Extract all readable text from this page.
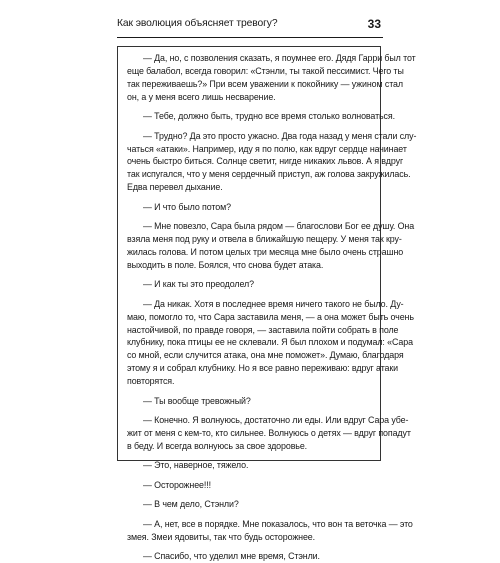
Как эволюция объясняет тревогу?	33
— Да, но, с позволения сказать, я поумнее его. Дядя Гарри был тот
еще балабол, всегда говорил: «Стэнли, ты такой пессимист. Чего ты
так переживаешь?» При всем уважении к покойнику — ужином стал
он, а у меня всего лишь несварение.
— Тебе, должно быть, трудно все время столько волноваться.
— Трудно? Да это просто ужасно. Два года назад у меня стали слу-
чаться «атаки». Например, иду я по полю, как вдруг сердце начинает
очень быстро биться. Солнце светит, нигде никаких львов. А я вдруг
так испугался, что у меня сердечный приступ, аж голова закружилась.
Едва перевел дыхание.
— И что было потом?
— Мне повезло, Сара была рядом — благослови Бог ее душу. Она
взяла меня под руку и отвела в ближайшую пещеру. У меня так кру-
жилась голова. И потом целых три месяца мне было очень страшно
выходить в поле. Боялся, что снова будет атака.
— И как ты это преодолел?
— Да никак. Хотя в последнее время ничего такого не было. Ду-
маю, помогло то, что Сара заставила меня, — а она может быть очень
настойчивой, по правде говоря, — заставила пойти собрать в поле
клубнику, пока птицы ее не склевали. Я был плохом и подумал: «Сара
со мной, если случится атака, она мне поможет». Думаю, благодаря
этому я и собрал клубнику. Но я все равно переживаю: вдруг атаки
повторятся.
— Ты вообще тревожный?
— Конечно. Я волнуюсь, достаточно ли еды. Или вдруг Сара убе-
жит от меня с кем-то, кто сильнее. Волнуюсь о детях — вдруг попадут
в беду. И всегда волнуюсь за свое здоровье.
— Это, наверное, тяжело.
— Осторожнее!!!
— В чем дело, Стэнли?
— А, нет, все в порядке. Мне показалось, что вон та веточка — это
змея. Змеи ядовиты, так что будь осторожнее.
— Спасибо, что уделил мне время, Стэнли.
